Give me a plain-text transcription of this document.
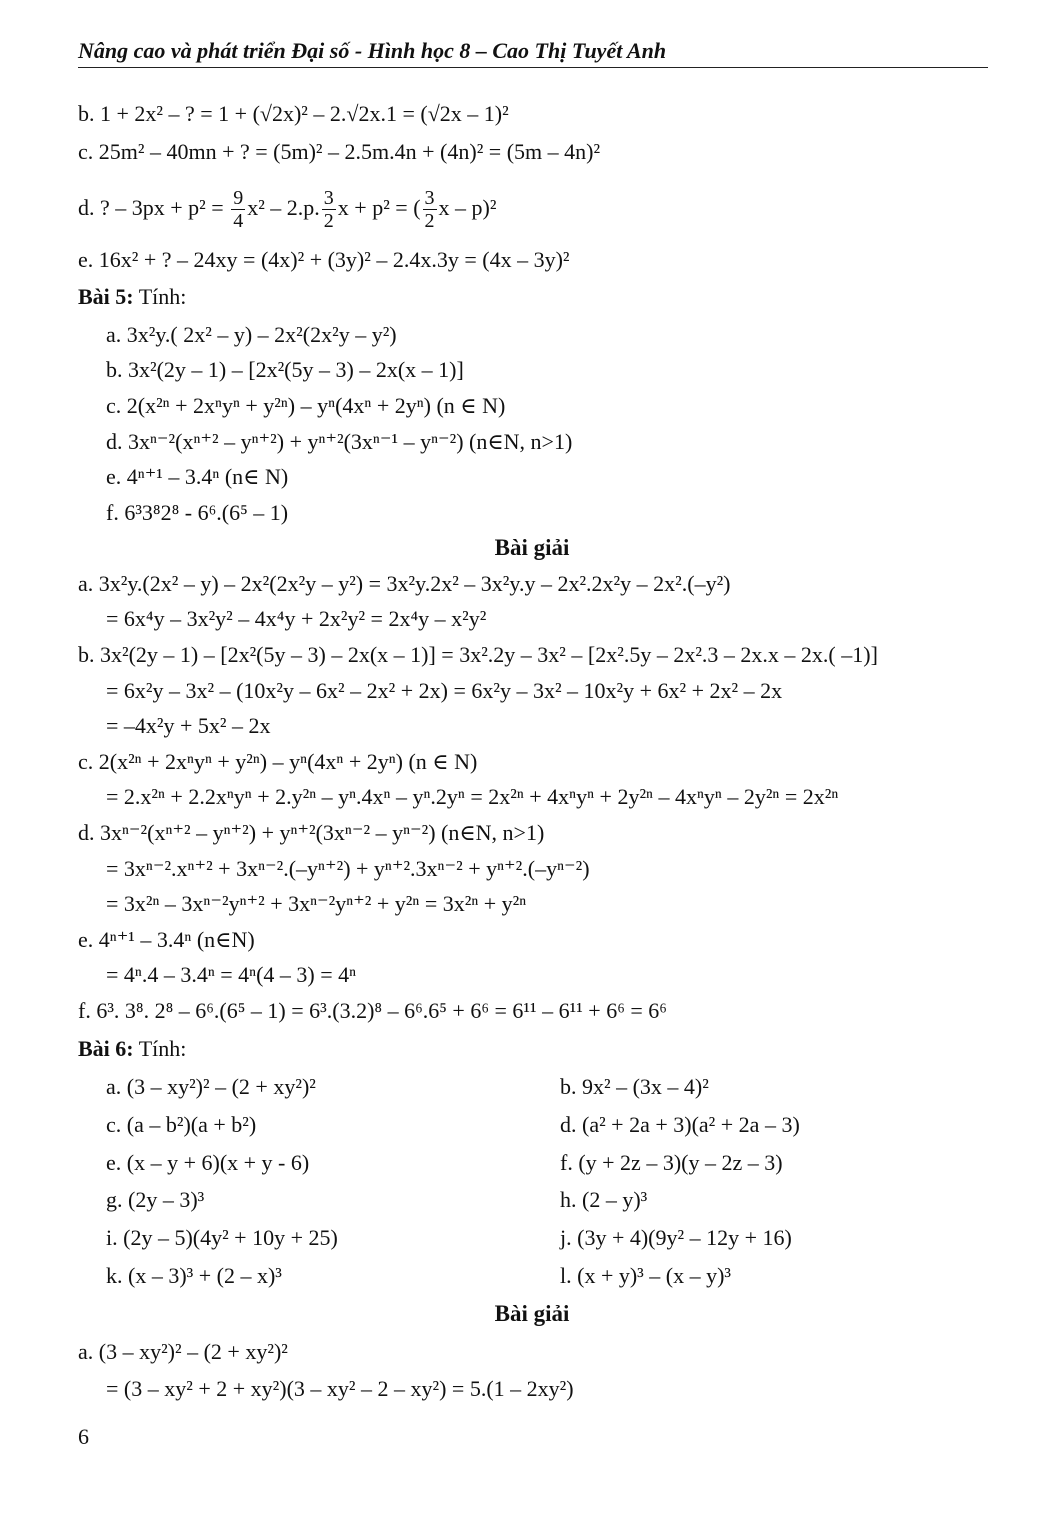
Nâng cao và phát triển Đại số - Hình học 8 – Cao Thị Tuyết Anh
b. 1 + 2x² – ? = 1 + (√2x)² – 2.√2x.1 = (√2x – 1)²
c. 25m² – 40mn + ? = (5m)² – 2.5m.4n + (4n)² = (5m – 4n)²
d. ? – $3px + p^2 = \frac{9}{4} x^2 - 2.p$. $\frac{3}{2}$ x + p² = ( $\frac{3}{2}$ x – p)²
e. 16x² + ? – 24xy = (4x)² + (3y)² – 2.4x.3y = (4x – 3y)²
Bài 5: Tính:
a. 3x²y.( 2x² – y) – 2x²(2x²y – y²)
b. 3x²(2y – 1) – [2x²(5y – 3) – 2x(x – 1)]
c. 2(x²ⁿ + 2xⁿyⁿ + y²ⁿ) – yⁿ(4xⁿ + 2yⁿ) (n ∈ N)
d. 3xⁿ⁻²(xⁿ⁺² – yⁿ⁺²) + yⁿ⁺²(3xⁿ⁻¹ – yⁿ⁻²) (n∈N, n>1)
e. 4ⁿ⁺¹ – 3.4ⁿ (n∈ N)
f. 6³3⁸2⁸ - 6⁶.(6⁵ – 1)
Bài giải
a. 3x²y.(2x² – y) – 2x²(2x²y – y²) = 3x²y.2x² – 3x²y.y – 2x².2x²y – 2x².(–y²)
= 6x⁴y – 3x²y² – 4x⁴y + 2x²y² = 2x⁴y – x²y²
b. 3x²(2y – 1) – [2x²(5y – 3) – 2x(x – 1)] = 3x².2y – 3x² – [2x².5y – 2x².3 – 2x.x – 2x.( –1)]
= 6x²y – 3x² – (10x²y – 6x² – 2x² + 2x) = 6x²y – 3x² – 10x²y + 6x² + 2x² – 2x
= –4x²y + 5x² – 2x
c. 2(x²ⁿ + 2xⁿyⁿ + y²ⁿ) – yⁿ(4xⁿ + 2yⁿ) (n ∈ N)
= 2.x²ⁿ + 2.2xⁿyⁿ + 2.y²ⁿ – yⁿ.4xⁿ – yⁿ.2yⁿ = 2x²ⁿ + 4xⁿyⁿ + 2y²ⁿ – 4xⁿyⁿ – 2y²ⁿ = 2x²ⁿ
d. 3xⁿ⁻²(xⁿ⁺² – yⁿ⁺²) + yⁿ⁺²(3xⁿ⁻² – yⁿ⁻²) (n∈N, n>1)
= 3xⁿ⁻².xⁿ⁺² + 3xⁿ⁻².(–yⁿ⁺²) + yⁿ⁺².3xⁿ⁻² + yⁿ⁺².(–yⁿ⁻²)
= 3x²ⁿ – 3xⁿ⁻²yⁿ⁺² + 3xⁿ⁻²yⁿ⁺² + y²ⁿ = 3x²ⁿ + y²ⁿ
e. 4ⁿ⁺¹ – 3.4ⁿ (n∈N)
= 4ⁿ.4 – 3.4ⁿ = 4ⁿ(4 – 3) = 4ⁿ
f. 6³. 3⁸. 2⁸ – 6⁶.(6⁵ – 1) = 6³.(3.2)⁸ – 6⁶.6⁵ + 6⁶ = 6¹¹ – 6¹¹ + 6⁶ = 6⁶
Bài 6: Tính:
a. (3 – xy²)² – (2 + xy²)²	b. 9x² – (3x – 4)²
c. (a – b²)(a + b²)	d. (a² + 2a + 3)(a² + 2a – 3)
e. (x – y + 6)(x + y - 6)	f. (y + 2z – 3)(y – 2z – 3)
g. (2y – 3)³	h. (2 – y)³
i. (2y – 5)(4y² + 10y + 25)	j. (3y + 4)(9y² – 12y + 16)
k. (x – 3)³ + (2 – x)³	l. (x + y)³ – (x – y)³
Bài giải
a. (3 – xy²)² – (2 + xy²)²
= (3 – xy² + 2 + xy²)(3 – xy² – 2 – xy²) = 5.(1 – 2xy²)
6
